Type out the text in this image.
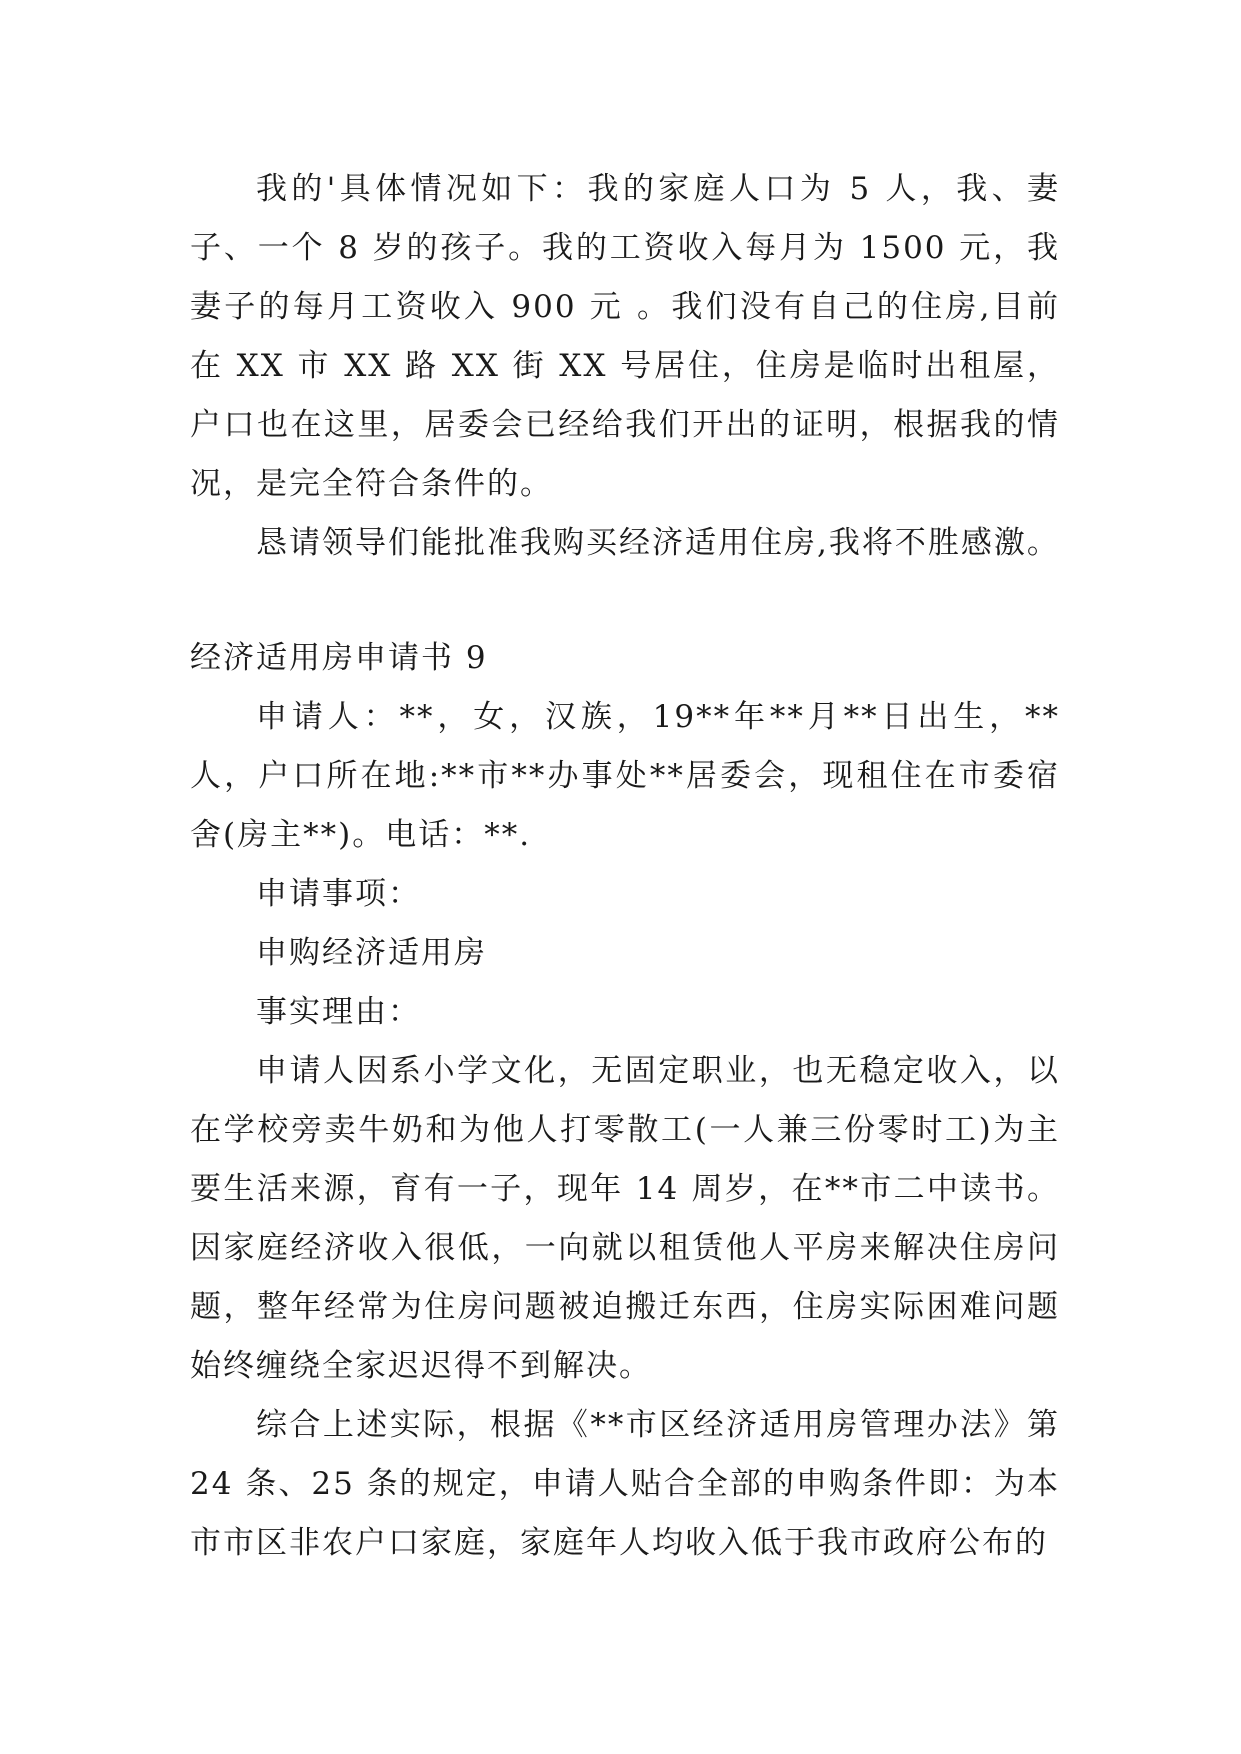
我的'具体情况如下：我的家庭人口为 5 人，我、妻子、一个 8 岁的孩子。我的工资收入每月为 1500 元，我妻子的每月工资收入 900 元 。我们没有自己的住房,目前在 XX 市 XX 路 XX 街 XX 号居住，住房是临时出租屋，户口也在这里，居委会已经给我们开出的证明，根据我的情况，是完全符合条件的。

恳请领导们能批准我购买经济适用住房,我将不胜感激。

经济适用房申请书 9

申请人：**，女，汉族，19**年**月**日出生，**人，户口所在地:**市**办事处**居委会，现租住在市委宿舍(房主**)。电话：**.

申请事项：

申购经济适用房

事实理由：

申请人因系小学文化，无固定职业，也无稳定收入，以在学校旁卖牛奶和为他人打零散工(一人兼三份零时工)为主要生活来源，育有一子，现年 14 周岁，在**市二中读书。因家庭经济收入很低，一向就以租赁他人平房来解决住房问题，整年经常为住房问题被迫搬迁东西，住房实际困难问题始终缠绕全家迟迟得不到解决。

综合上述实际，根据《**市区经济适用房管理办法》第 24 条、25 条的规定，申请人贴合全部的申购条件即：为本市市区非农户口家庭，家庭年人均收入低于我市政府公布的
